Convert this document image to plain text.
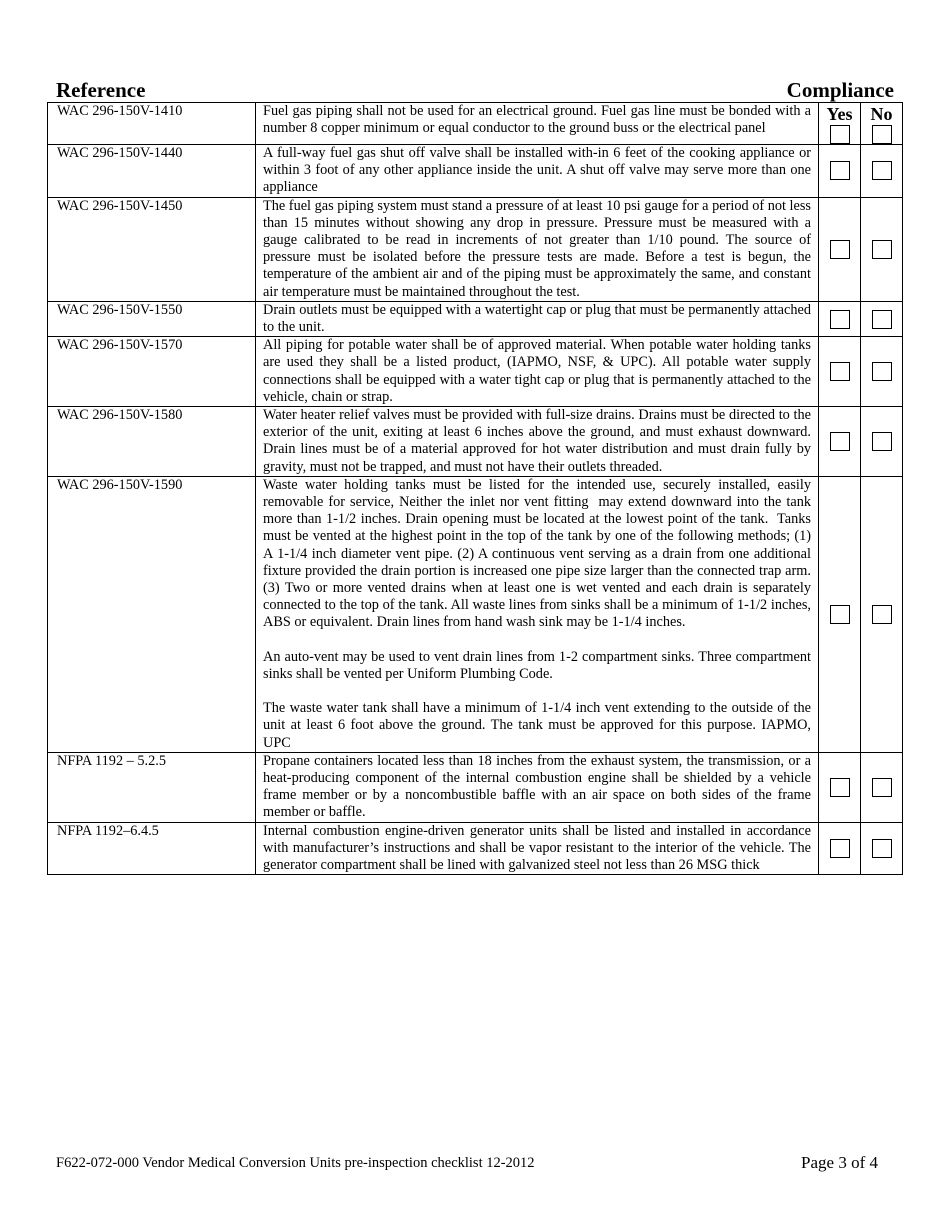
Reference	Compliance
WAC 296-150V-1410	Fuel gas piping shall not be used for an electrical ground. Fuel gas line must be bonded with a number 8 copper minimum or equal conductor to the ground buss or the electrical panel	Yes	No

WAC 296-150V-1440	A full-way fuel gas shut off valve shall be installed with-in 6 feet of the cooking appliance or within 3 foot of any other appliance inside the unit. A shut off valve may serve more than one appliance		

WAC 296-150V-1450	The fuel gas piping system must stand a pressure of at least 10 psi gauge for a period of not less than 15 minutes without showing any drop in pressure. Pressure must be measured with a gauge calibrated to be read in increments of not greater than 1/10 pound. The source of pressure must be isolated before the pressure tests are made. Before a test is begun, the temperature of the ambient air and of the piping must be approximately the same, and constant air temperature must be maintained throughout the test.		

WAC 296-150V-1550	Drain outlets must be equipped with a watertight cap or plug that must be permanently attached to the unit.		

WAC 296-150V-1570	All piping for potable water shall be of approved material. When potable water holding tanks are used they shall be a listed product, (IAPMO, NSF, & UPC). All potable water supply connections shall be equipped with a water tight cap or plug that is permanently attached to the vehicle, chain or strap.		

WAC 296-150V-1580	Water heater relief valves must be provided with full-size drains. Drains must be directed to the exterior of the unit, exiting at least 6 inches above the ground, and must exhaust downward. Drain lines must be of a material approved for hot water distribution and must drain fully by gravity, must not be trapped, and must not have their outlets threaded.		

WAC 296-150V-1590	Waste water holding tanks must be listed for the intended use, securely installed, easily removable for service, Neither the inlet nor vent fitting  may extend downward into the tank more than 1-1/2 inches. Drain opening must be located at the lowest point of the tank.  Tanks must be vented at the highest point in the top of the tank by one of the following methods; (1) A 1-1/4 inch diameter vent pipe. (2) A continuous vent serving as a drain from one additional fixture provided the drain portion is increased one pipe size larger than the connected trap arm. (3) Two or more vented drains when at least one is wet vented and each drain is separately connected to the top of the tank. All waste lines from sinks shall be a minimum of 1-1/2 inches, ABS or equivalent. Drain lines from hand wash sink may be 1-1/4 inches.

An auto-vent may be used to vent drain lines from 1-2 compartment sinks. Three compartment sinks shall be vented per Uniform Plumbing Code.

The waste water tank shall have a minimum of 1-1/4 inch vent extending to the outside of the unit at least 6 foot above the ground. The tank must be approved for this purpose. IAPMO, UPC		

NFPA 1192 – 5.2.5	Propane containers located less than 18 inches from the exhaust system, the transmission, or a heat-producing component of the internal combustion engine shall be shielded by a vehicle frame member or by a noncombustible baffle with an air space on both sides of the frame member or baffle.		

NFPA 1192–6.4.5	Internal combustion engine-driven generator units shall be listed and installed in accordance with manufacturer’s instructions and shall be vapor resistant to the interior of the vehicle. The generator compartment shall be lined with galvanized steel not less than 26 MSG thick		

F622-072-000 Vendor Medical Conversion Units pre-inspection checklist 12-2012	Page 3 of 4
